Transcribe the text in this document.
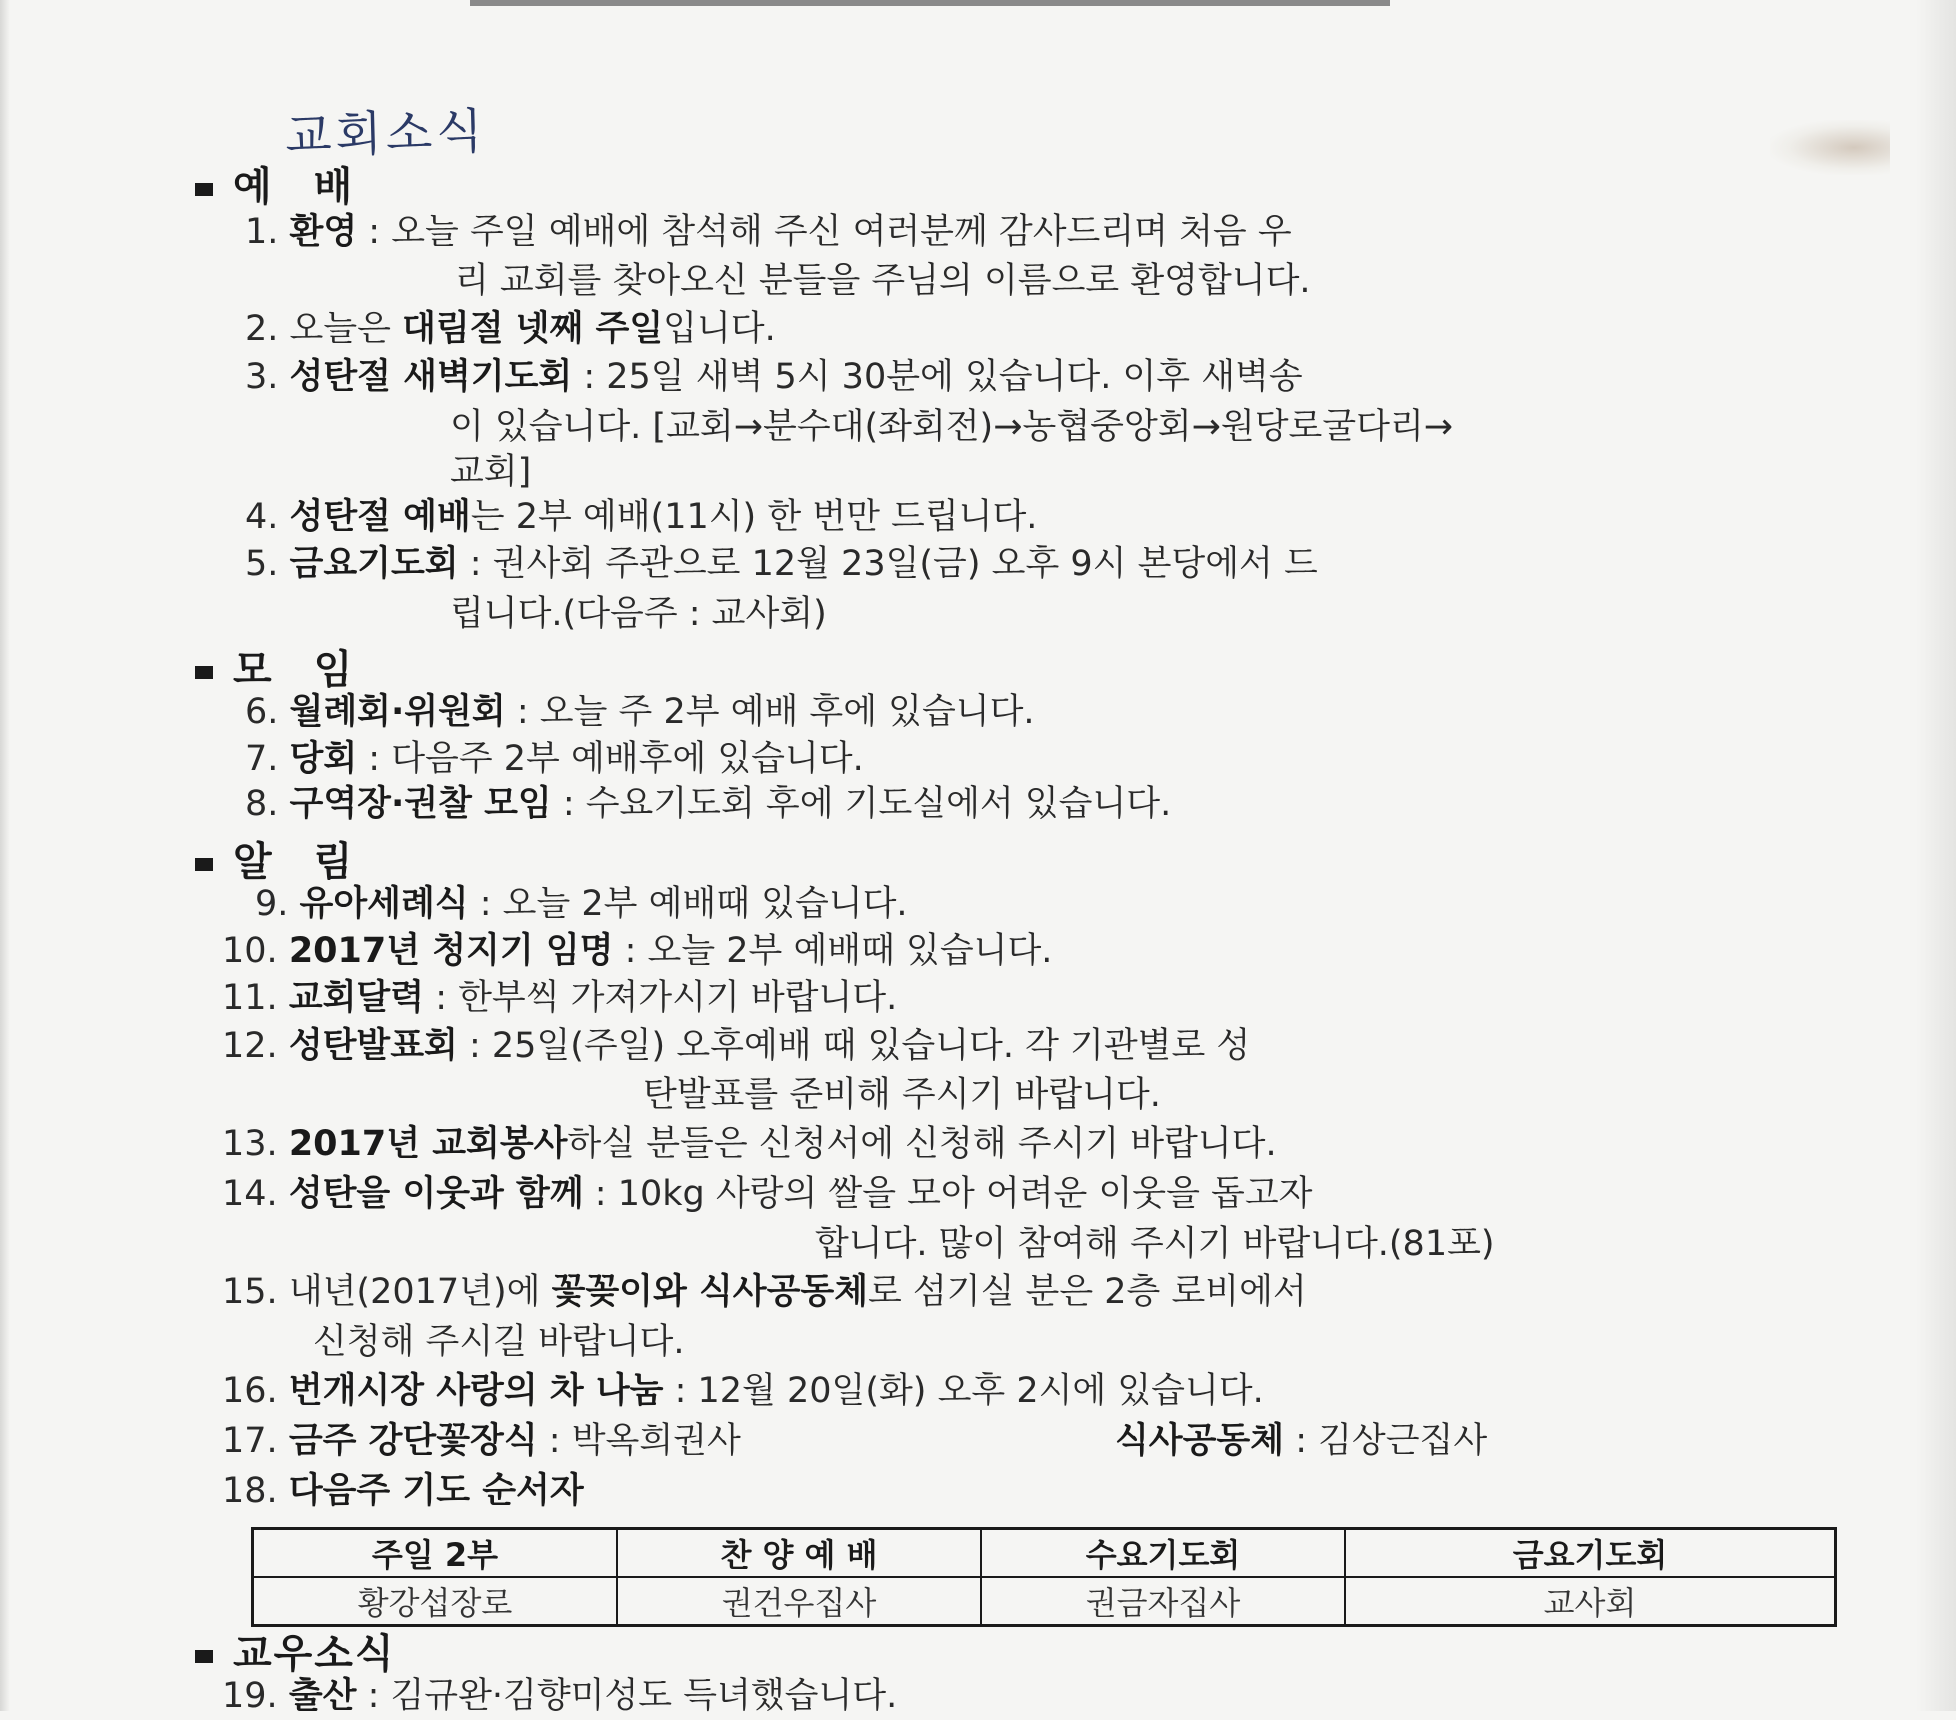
교회소식
예 배
1. 환영 : 오늘 주일 예배에 참석해 주신 여러분께 감사드리며 처음 우
리 교회를 찾아오신 분들을 주님의 이름으로 환영합니다.
2. 오늘은 대림절 넷째 주일입니다.
3. 성탄절 새벽기도회 : 25일 새벽 5시 30분에 있습니다. 이후 새벽송
이 있습니다. [교회→분수대(좌회전)→농협중앙회→원당로굴다리→
교회]
4. 성탄절 예배는 2부 예배(11시) 한 번만 드립니다.
5. 금요기도회 : 권사회 주관으로 12월 23일(금) 오후 9시 본당에서 드
립니다.(다음주 : 교사회)
모 임
6. 월례회·위원회 : 오늘 주 2부 예배 후에 있습니다.
7. 당회 : 다음주 2부 예배후에 있습니다.
8. 구역장·권찰 모임 : 수요기도회 후에 기도실에서 있습니다.
알 림
9. 유아세례식 : 오늘 2부 예배때 있습니다.
10. 2017년 청지기 임명 : 오늘 2부 예배때 있습니다.
11. 교회달력 : 한부씩 가져가시기 바랍니다.
12. 성탄발표회 : 25일(주일) 오후예배 때 있습니다. 각 기관별로 성
탄발표를 준비해 주시기 바랍니다.
13. 2017년 교회봉사하실 분들은 신청서에 신청해 주시기 바랍니다.
14. 성탄을 이웃과 함께 : 10kg 사랑의 쌀을 모아 어려운 이웃을 돕고자
합니다. 많이 참여해 주시기 바랍니다.(81포)
15. 내년(2017년)에 꽃꽂이와 식사공동체로 섬기실 분은 2층 로비에서
신청해 주시길 바랍니다.
16. 번개시장 사랑의 차 나눔 : 12월 20일(화) 오후 2시에 있습니다.
17. 금주 강단꽃장식 : 박옥희권사	식사공동체 : 김상근집사
18. 다음주 기도 순서자
주일 2부	찬 양 예 배	수요기도회	금요기도회
황강섭장로	권건우집사	권금자집사	교사회
교우소식
19. 출산 : 김규완·김향미성도 득녀했습니다.
